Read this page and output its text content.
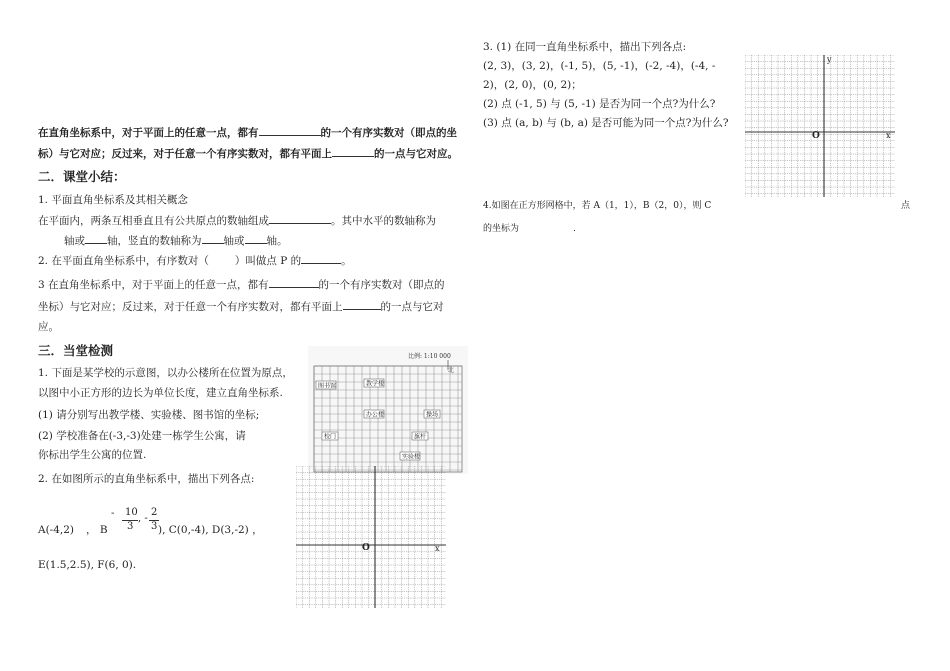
在直角坐标系中，对于平面上的任意一点，都有	的一个有序实数对（即点的坐
标）与它对应；反过来，对于任意一个有序实数对，都有平面上	的一点与它对应。
二．课堂小结：
1. 平面直角坐标系及其相关概念
在平面内，两条互相垂直且有公共原点的数轴组成	。其中水平的数轴称为
轴或 轴，竖直的数轴称为 轴或 轴。
2. 在平面直角坐标系中，有序数对（ ）叫做点 P 的	。
3 在直角坐标系中，对于平面上的任意一点，都有	的一个有序实数对（即点的
坐标）与它对应；反过来，对于任意一个有序实数对，都有平面上	的一点与它对
应。
三．当堂检测
1. 下面是某学校的示意图，以办公楼所在位置为原点，
以图中小正方形的边长为单位长度，建立直角坐标系.
(1) 请分别写出教学楼、实验楼、图书馆的坐标;
(2) 学校准备在(-3,-3)处建一栋学生公寓，请
你标出学生公寓的位置.
2. 在如图所示的直角坐标系中，描出下列各点:
A(-4,2) ， B
- 10
3
, -
2
3 ), C(0,-4), D(3,-2) ，
E(1.5,2.5), F(6, 0).
比例: 1:10 000
北
图书馆	教学楼
办公楼	操场
校门	旗杆
实验楼
O	x
3. (1) 在同一直角坐标系中，描出下列各点:
(2, 3)，(3, 2)，(-1, 5)，(5, -1)，(-2, -4)，(-4, -
2)，(2, 0)，(0, 2)；
(2) 点 (-1, 5) 与 (5, -1) 是否为同一个点?为什么?
(3) 点 (a, b) 与 (b, a) 是否可能为同一个点?为什么?
O	x
y
4.如图在正方形网格中，若 A（1，1），B（2，0），则 C	点
的坐标为	.
